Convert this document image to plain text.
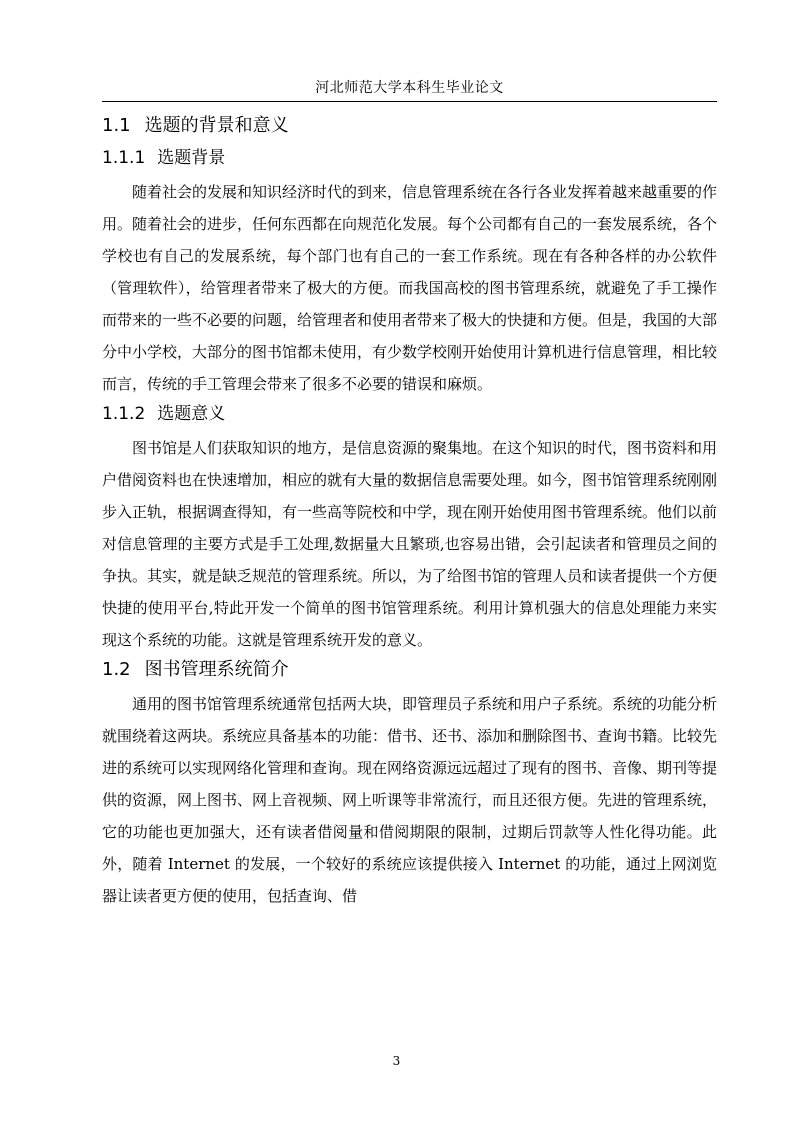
河北师范大学本科生毕业论文
1.1 选题的背景和意义
1.1.1 选题背景

随着社会的发展和知识经济时代的到来，信息管理系统在各行各业发挥着越来越重要的作用。随着社会的进步，任何东西都在向规范化发展。每个公司都有自己的一套发展系统，各个学校也有自己的发展系统，每个部门也有自己的一套工作系统。现在有各种各样的办公软件（管理软件），给管理者带来了极大的方便。而我国高校的图书管理系统，就避免了手工操作而带来的一些不必要的问题，给管理者和使用者带来了极大的快捷和方便。但是，我国的大部分中小学校，大部分的图书馆都未使用，有少数学校刚开始使用计算机进行信息管理，相比较而言，传统的手工管理会带来了很多不必要的错误和麻烦。

1.1.2 选题意义

图书馆是人们获取知识的地方，是信息资源的聚集地。在这个知识的时代，图书资料和用户借阅资料也在快速增加，相应的就有大量的数据信息需要处理。如今，图书馆管理系统刚刚步入正轨，根据调查得知，有一些高等院校和中学，现在刚开始使用图书管理系统。他们以前对信息管理的主要方式是手工处理,数据量大且繁琐,也容易出错，会引起读者和管理员之间的争执。其实，就是缺乏规范的管理系统。所以，为了给图书馆的管理人员和读者提供一个方便快捷的使用平台,特此开发一个简单的图书馆管理系统。利用计算机强大的信息处理能力来实现这个系统的功能。这就是管理系统开发的意义。

1.2 图书管理系统简介

通用的图书馆管理系统通常包括两大块，即管理员子系统和用户子系统。系统的功能分析就围绕着这两块。系统应具备基本的功能：借书、还书、添加和删除图书、查询书籍。比较先进的系统可以实现网络化管理和查询。现在网络资源远远超过了现有的图书、音像、期刊等提供的资源，网上图书、网上音视频、网上听课等非常流行，而且还很方便。先进的管理系统，它的功能也更加强大，还有读者借阅量和借阅期限的限制，过期后罚款等人性化得功能。此外，随着 Internet 的发展，一个较好的系统应该提供接入 Internet 的功能，通过上网浏览器让读者更方便的使用，包括查询、借

3
